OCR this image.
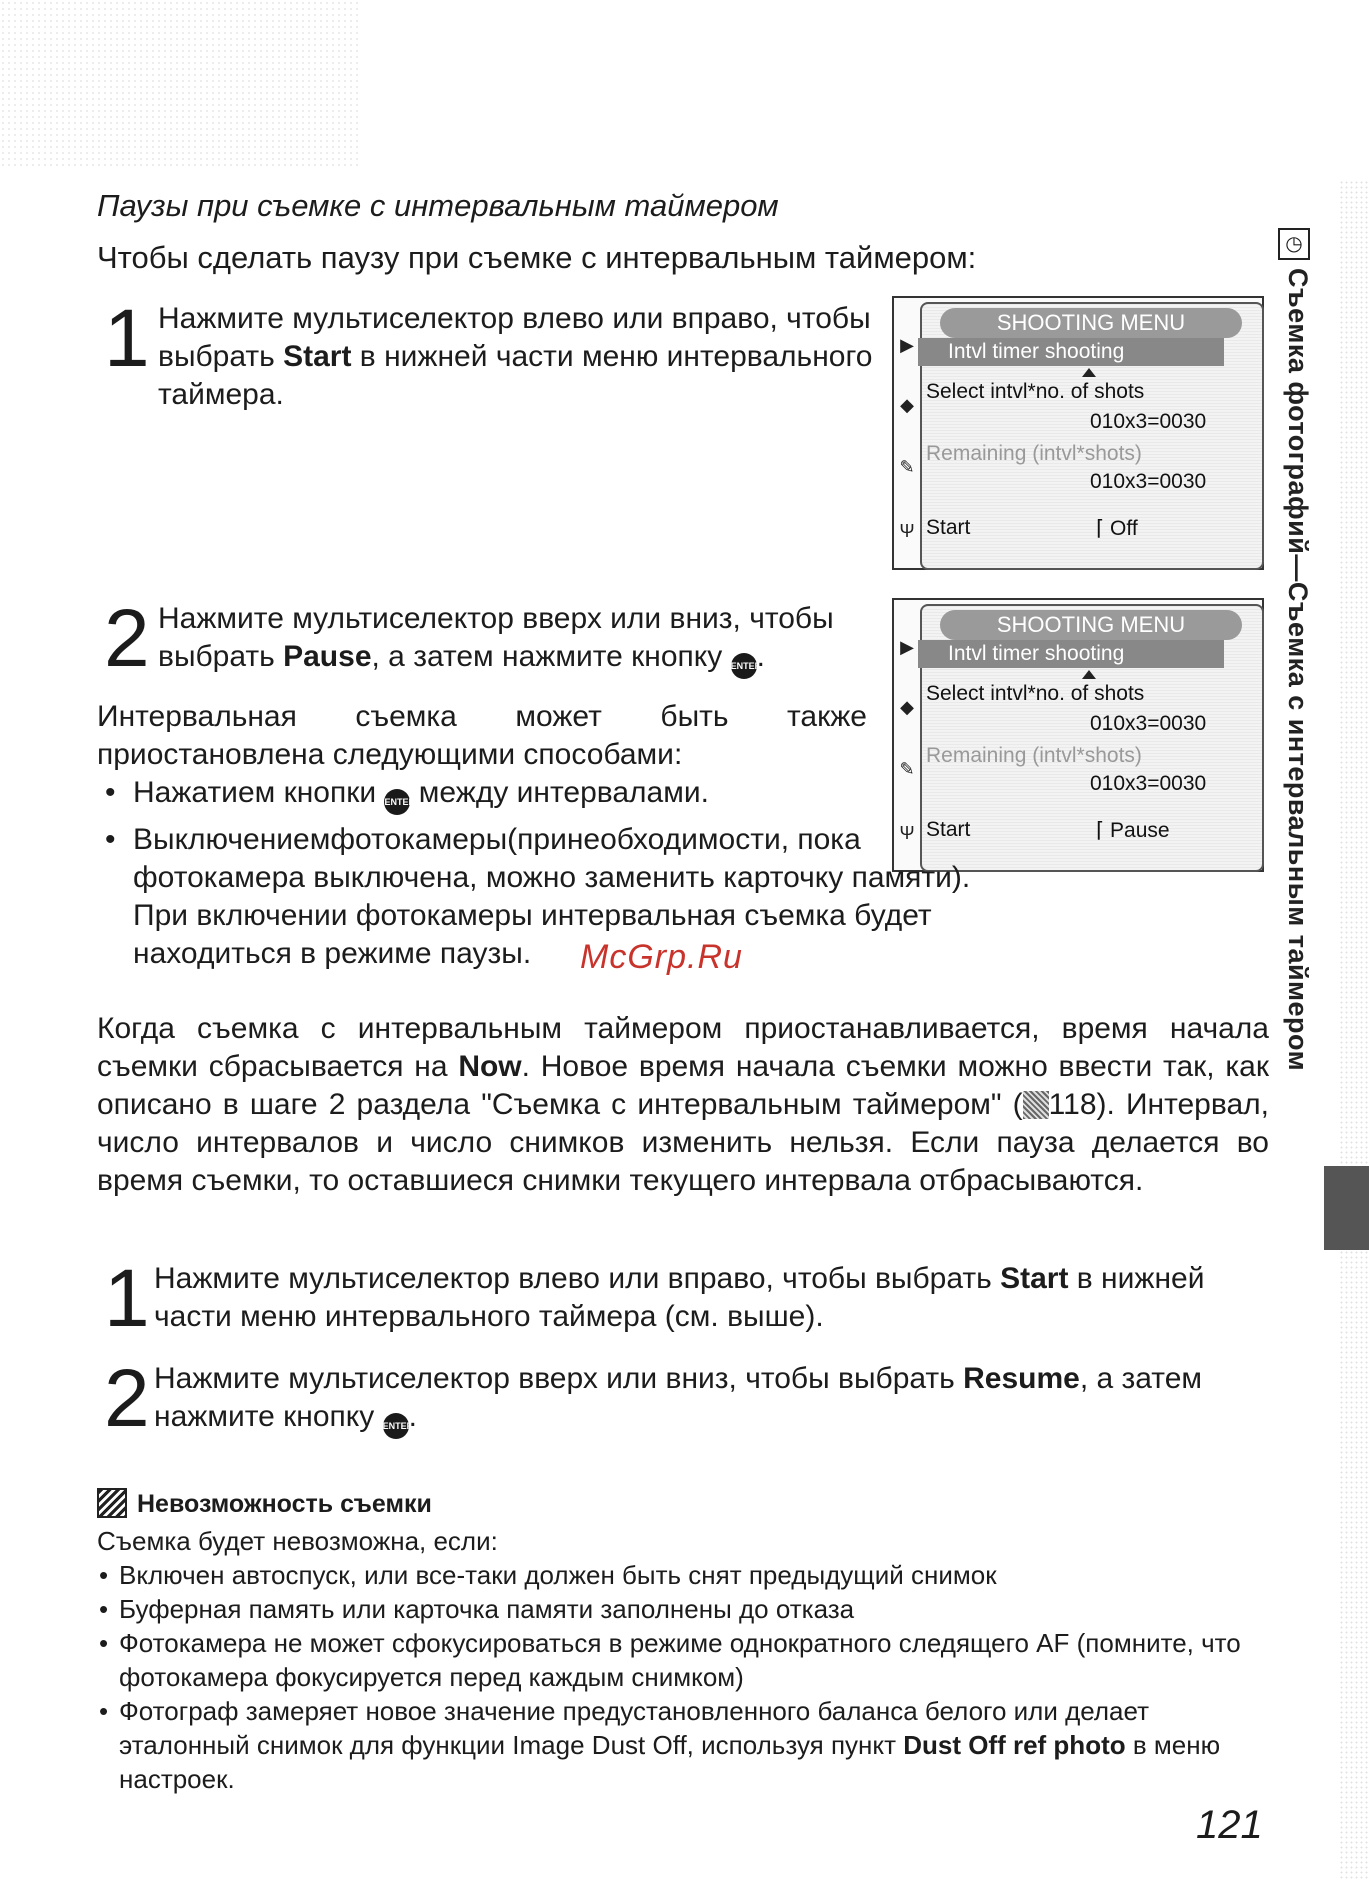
Паузы при съемке с интервальным таймером
Чтобы сделать паузу при съемке с интервальным таймером:
1 Нажмите мультиселектор влево или вправо, чтобы выбрать Start в нижней части меню интервального таймера.
▶
◆
✎
Ψ
SHOOTING MENU
Intvl timer shooting
Select intvl*no. of shots
010x3=0030
Remaining (intvl*shots)
010x3=0030
Start	⌈ Off
2 Нажмите мультиселектор вверх или вниз, чтобы выбрать Pause, а затем нажмите кнопку ENTER.	▶
◆
✎
Ψ
SHOOTING MENU
Intvl timer shooting
Select intvl*no. of shots
010x3=0030
Remaining (intvl*shots)
010x3=0030
Start	⌈ Pause
Интервальная съемка может быть также приостановлена следующими способами:
• Нажатием кнопки ENTER между интервалами.
• Выключениемфотокамеры(принеобходимости, пока фотокамера выключена, можно заменить карточку памяти). При включении фотокамеры интервальная съемка будет находиться в режиме паузы.	McGrp.Ru
Когда съемка с интервальным таймером приостанавливается, время начала съемки сбрасывается на Now. Новое время начала съемки можно ввести так, как описано в шаге 2 раздела "Съемка с интервальным таймером" ( 118). Интервал, число интервалов и число снимков изменить нельзя. Если пауза делается во время съемки, то оставшиеся снимки текущего интервала отбрасываются.
1 Нажмите мультиселектор влево или вправо, чтобы выбрать Start в нижней части меню интервального таймера (см. выше).
2 Нажмите мультиселектор вверх или вниз, чтобы выбрать Resume, а затем нажмите кнопку ENTER.
Невозможность съемки
Съемка будет невозможна, если:
• Включен автоспуск, или все-таки должен быть снят предыдущий снимок
• Буферная память или карточка памяти заполнены до отказа
• Фотокамера не может сфокусироваться в режиме однократного следящего AF (помните, что фотокамера фокусируется перед каждым снимком)
• Фотограф замеряет новое значение предустановленного баланса белого или делает эталонный снимок для функции Image Dust Off, используя пункт Dust Off ref photo в меню настроек.
◷
Съемка фотографий—Съемка с интервальным таймером
121
